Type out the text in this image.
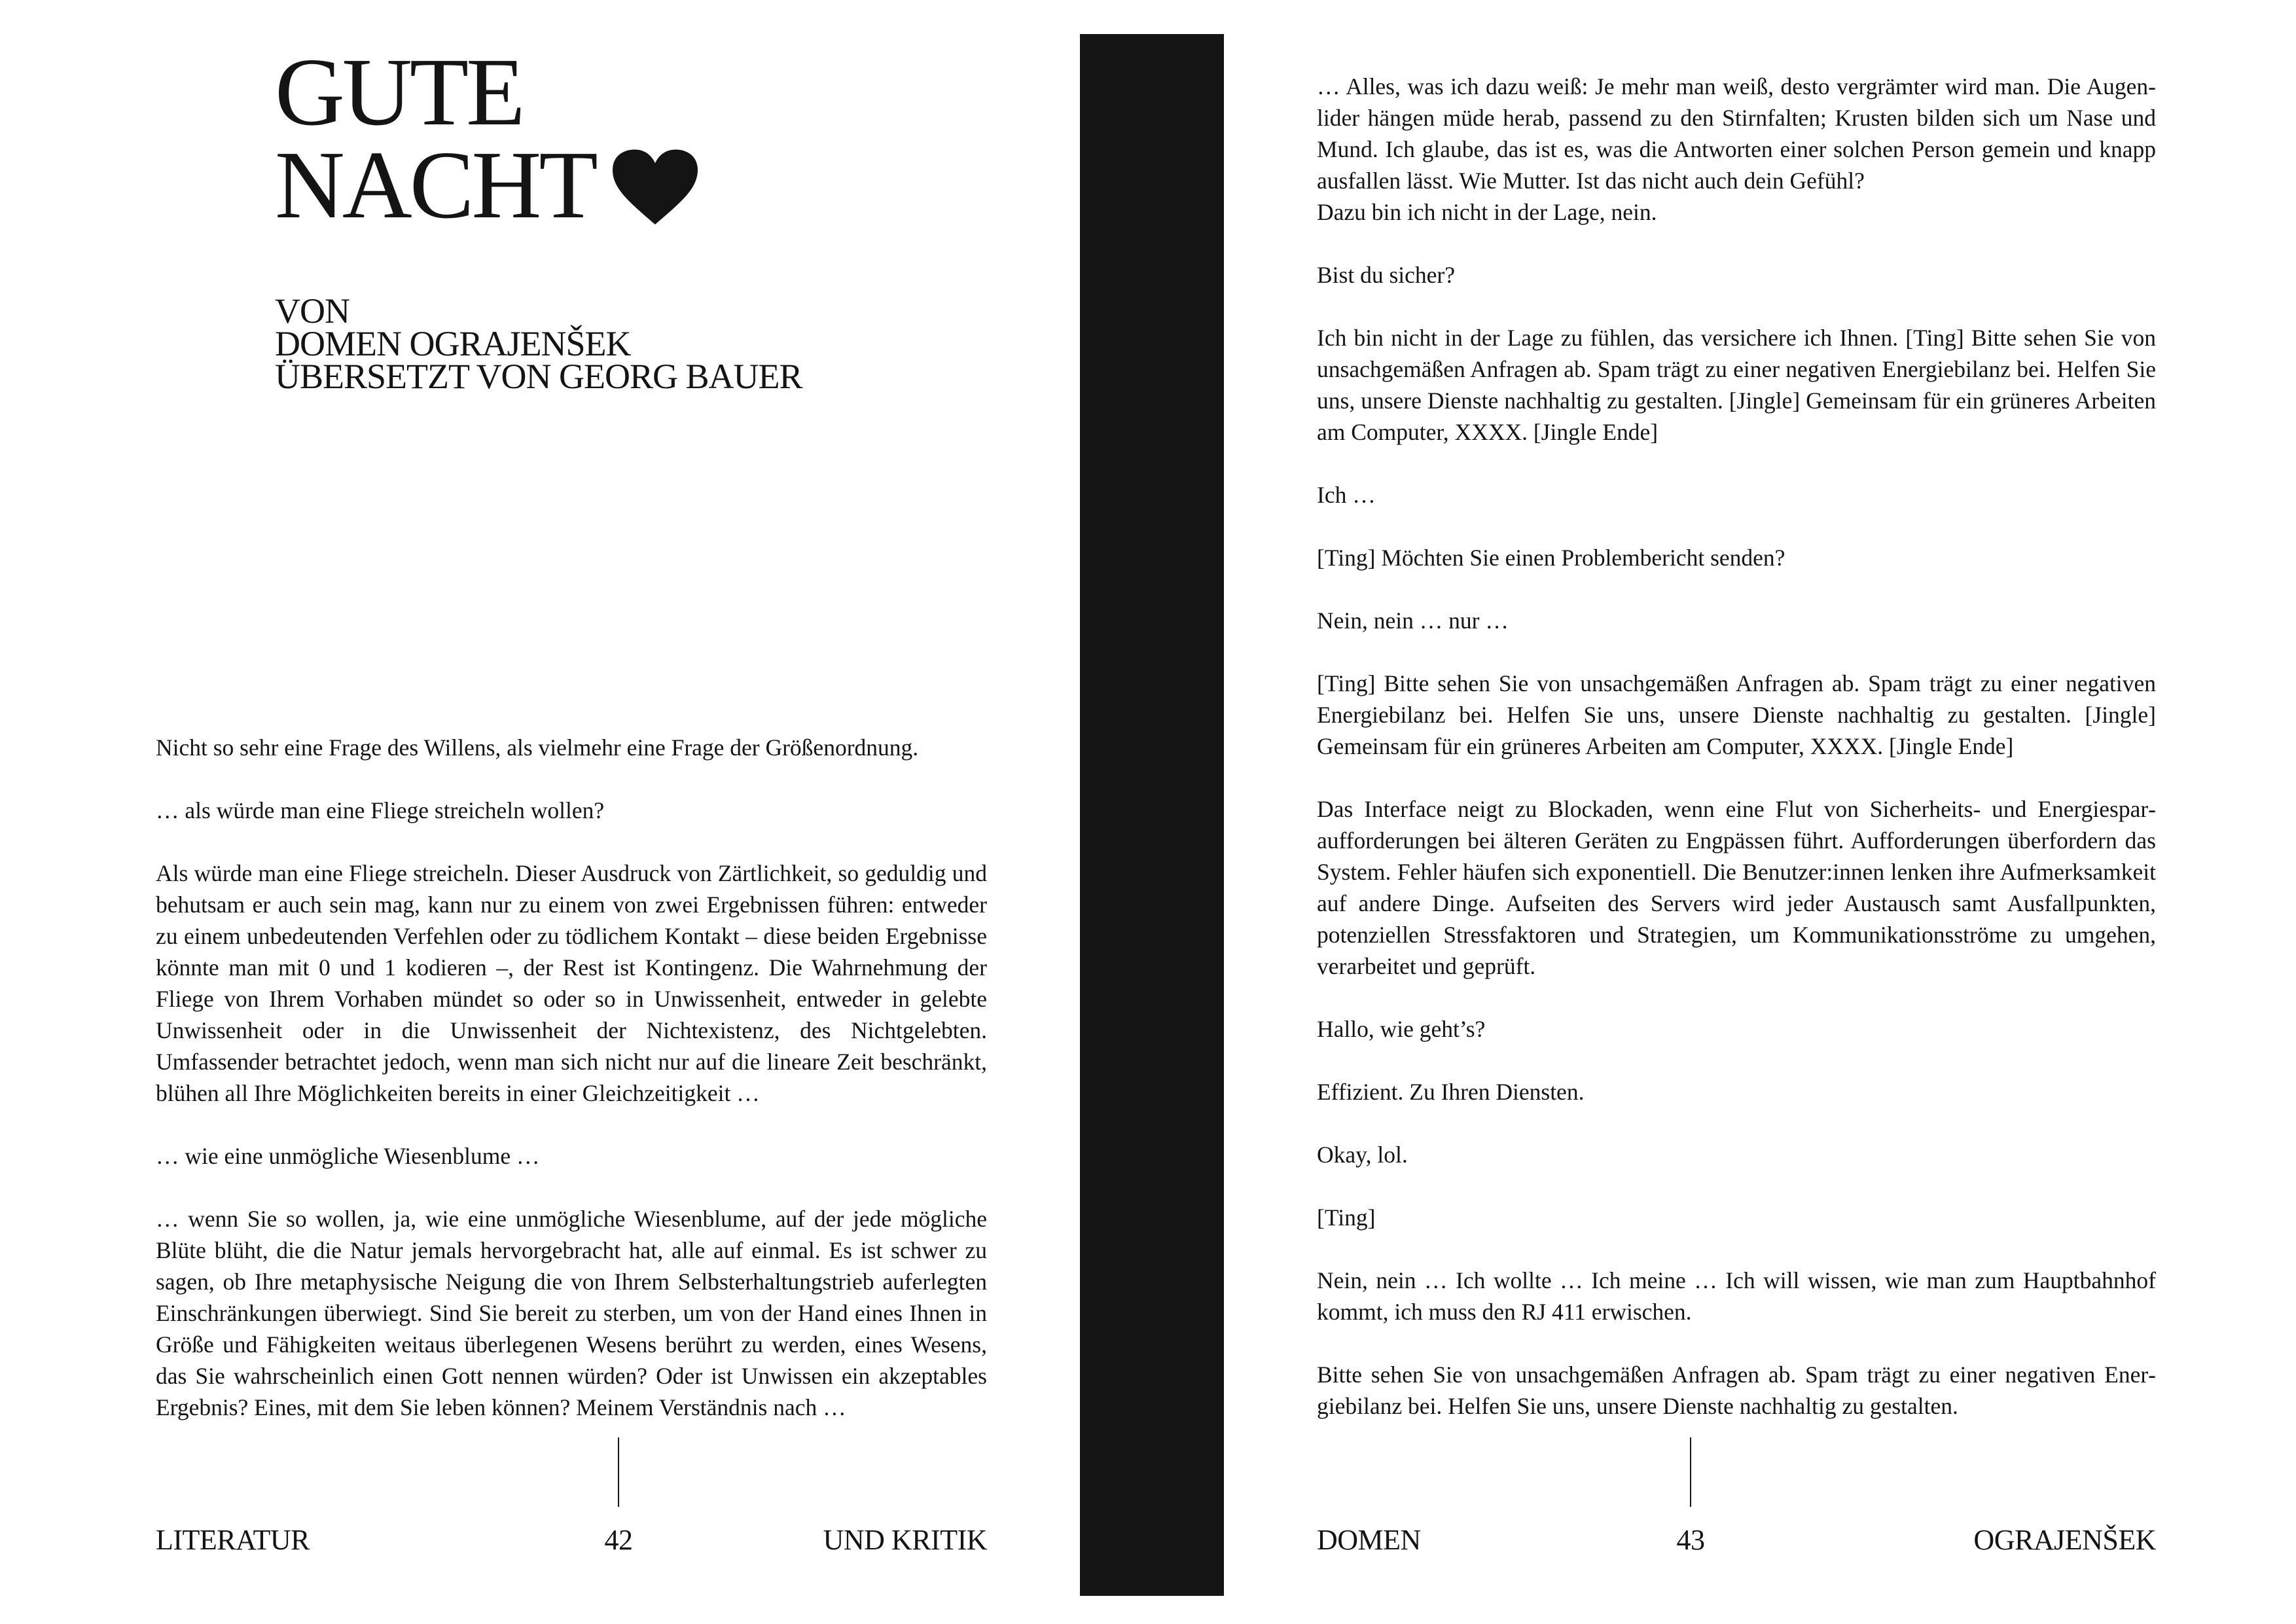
GUTE
NACHT
VON
DOMEN OGRAJENŠEK
ÜBERSETZT VON GEORG BAUER

Nicht so sehr eine Frage des Willens, als vielmehr eine Frage der Größenordnung.

… als würde man eine Fliege streicheln wollen?

Als würde man eine Fliege streicheln. Dieser Ausdruck von Zärtlichkeit, so geduldig und behutsam er auch sein mag, kann nur zu einem von zwei Ergebnissen führen: entweder zu einem unbedeutenden Verfehlen oder zu tödlichem Kontakt – diese beiden Ergebnisse könnte man mit 0 und 1 kodieren –, der Rest ist Kontingenz. Die Wahrnehmung der Fliege von Ihrem Vorhaben mündet so oder so in Unwissenheit, entweder in gelebte Unwissenheit oder in die Unwissenheit der Nichtexistenz, des Nichtgelebten. Umfassender betrachtet jedoch, wenn man sich nicht nur auf die lineare Zeit beschränkt, blühen all Ihre Möglichkeiten bereits in einer Gleichzeitigkeit …

… wie eine unmögliche Wiesenblume …

… wenn Sie so wollen, ja, wie eine unmögliche Wiesenblume, auf der jede mögliche Blüte blüht, die die Natur jemals hervorgebracht hat, alle auf einmal. Es ist schwer zu sagen, ob Ihre metaphysische Neigung die von Ihrem Selbsterhaltungstrieb auferlegten Einschränkungen überwiegt. Sind Sie bereit zu sterben, um von der Hand eines Ihnen in Größe und Fähigkeiten weitaus überlegenen Wesens berührt zu werden, eines Wesens, das Sie wahrscheinlich einen Gott nennen würden? Oder ist Unwissen ein akzeptables Ergebnis? Eines, mit dem Sie leben können? Meinem Verständnis nach …

LITERATUR	42	UND KRITIK

… Alles, was ich dazu weiß: Je mehr man weiß, desto vergrämter wird man. Die Augenlider hängen müde herab, passend zu den Stirnfalten; Krusten bilden sich um Nase und Mund. Ich glaube, das ist es, was die Antworten einer solchen Person gemein und knapp ausfallen lässt. Wie Mutter. Ist das nicht auch dein Gefühl?
Dazu bin ich nicht in der Lage, nein.

Bist du sicher?

Ich bin nicht in der Lage zu fühlen, das versichere ich Ihnen. [Ting] Bitte sehen Sie von unsachgemäßen Anfragen ab. Spam trägt zu einer negativen Energiebilanz bei. Helfen Sie uns, unsere Dienste nachhaltig zu gestalten. [Jingle] Gemeinsam für ein grüneres Arbeiten am Computer, XXXX. [Jingle Ende]

Ich …

[Ting] Möchten Sie einen Problembericht senden?

Nein, nein … nur …

[Ting] Bitte sehen Sie von unsachgemäßen Anfragen ab. Spam trägt zu einer negativen Energiebilanz bei. Helfen Sie uns, unsere Dienste nachhaltig zu gestalten. [Jingle] Gemeinsam für ein grüneres Arbeiten am Computer, XXXX. [Jingle Ende]

Das Interface neigt zu Blockaden, wenn eine Flut von Sicherheits- und Energiesparaufforderungen bei älteren Geräten zu Engpässen führt. Aufforderungen überfordern das System. Fehler häufen sich exponentiell. Die Benutzer:innen lenken ihre Aufmerksamkeit auf andere Dinge. Aufseiten des Servers wird jeder Austausch samt Ausfallpunkten, potenziellen Stressfaktoren und Strategien, um Kommunikationsströme zu umgehen, verarbeitet und geprüft.

Hallo, wie geht’s?

Effizient. Zu Ihren Diensten.

Okay, lol.

[Ting]

Nein, nein … Ich wollte … Ich meine … Ich will wissen, wie man zum Hauptbahnhof kommt, ich muss den RJ 411 erwischen.

Bitte sehen Sie von unsachgemäßen Anfragen ab. Spam trägt zu einer negativen Energiebilanz bei. Helfen Sie uns, unsere Dienste nachhaltig zu gestalten.

DOMEN	43	OGRAJENŠEK
